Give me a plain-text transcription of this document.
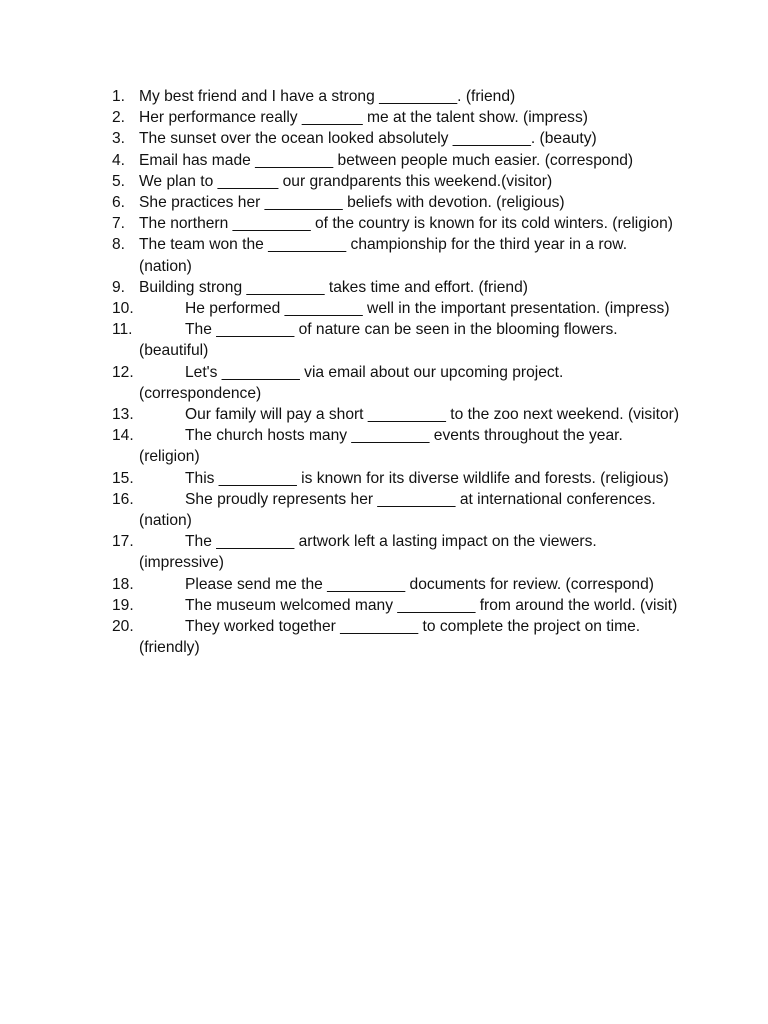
1. My best friend and I have a strong _________. (friend)
2. Her performance really _______ me at the talent show. (impress)
3. The sunset over the ocean looked absolutely _________. (beauty)
4. Email has made _________ between people much easier. (correspond)
5. We plan to _______ our grandparents this weekend.(visitor)
6. She practices her _________ beliefs with devotion. (religious)
7. The northern _________ of the country is known for its cold winters. (religion)
8. The team won the _________ championship for the third year in a row. (nation)
9. Building strong _________ takes time and effort. (friend)
10.	He performed _________ well in the important presentation. (impress)
11.	The _________ of nature can be seen in the blooming flowers. (beautiful)
12.	Let's _________ via email about our upcoming project. (correspondence)
13.	Our family will pay a short _________ to the zoo next weekend. (visitor)
14.	The church hosts many _________ events throughout the year. (religion)
15.	This _________ is known for its diverse wildlife and forests. (religious)
16.	She proudly represents her _________ at international conferences. (nation)
17.	The _________ artwork left a lasting impact on the viewers. (impressive)
18.	Please send me the _________ documents for review. (correspond)
19.	The museum welcomed many _________ from around the world. (visit)
20.	They worked together _________ to complete the project on time. (friendly)
